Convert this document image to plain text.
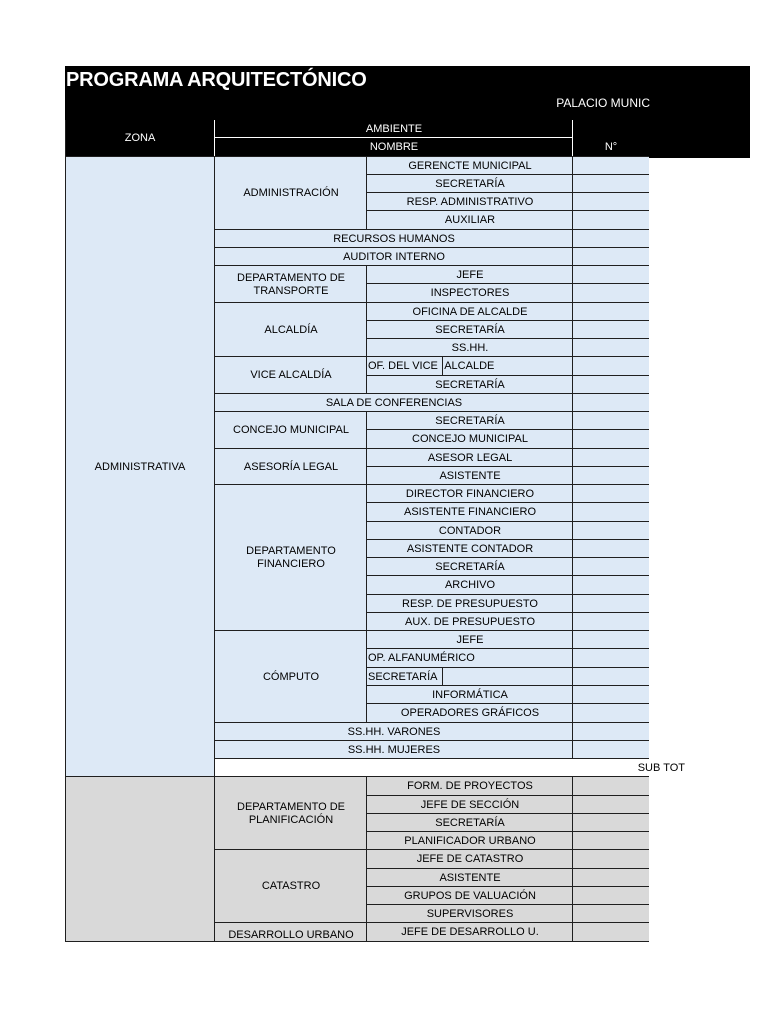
PROGRAMA ARQUITECTÓNICO
PALACIO MUNIC
ZONA
AMBIENTE
NOMBRE	N°
ADMINISTRATIVA
ADMINISTRACIÓN
GERENCTE MUNICIPAL
SECRETARÍA
RESP. ADMINISTRATIVO
AUXILIAR
RECURSOS HUMANOS
AUDITOR INTERNO
DEPARTAMENTO DE TRANSPORTE
JEFE
INSPECTORES
ALCALDÍA
OFICINA DE ALCALDE
SECRETARÍA
SS.HH.
VICE ALCALDÍA
OF. DEL VICE ALCALDE
SECRETARÍA
SALA DE CONFERENCIAS
CONCEJO MUNICIPAL
SECRETARÍA
CONCEJO MUNICIPAL
ASESORÍA LEGAL
ASESOR LEGAL
ASISTENTE
DEPARTAMENTO FINANCIERO
DIRECTOR FINANCIERO
ASISTENTE FINANCIERO
CONTADOR
ASISTENTE CONTADOR
SECRETARÍA
ARCHIVO
RESP. DE PRESUPUESTO
AUX. DE PRESUPUESTO
CÓMPUTO
JEFE
OP. ALFANUMÉRICO
SECRETARÍA
INFORMÁTICA
OPERADORES GRÁFICOS
SS.HH. VARONES
SS.HH. MUJERES
SUB TOT
DEPARTAMENTO DE PLANIFICACIÓN
FORM. DE PROYECTOS
JEFE DE SECCIÓN
SECRETARÍA
PLANIFICADOR URBANO
CATASTRO
JEFE DE CATASTRO
ASISTENTE
GRUPOS DE VALUACIÓN
SUPERVISORES
DESARROLLO URBANO	JEFE DE DESARROLLO U.
